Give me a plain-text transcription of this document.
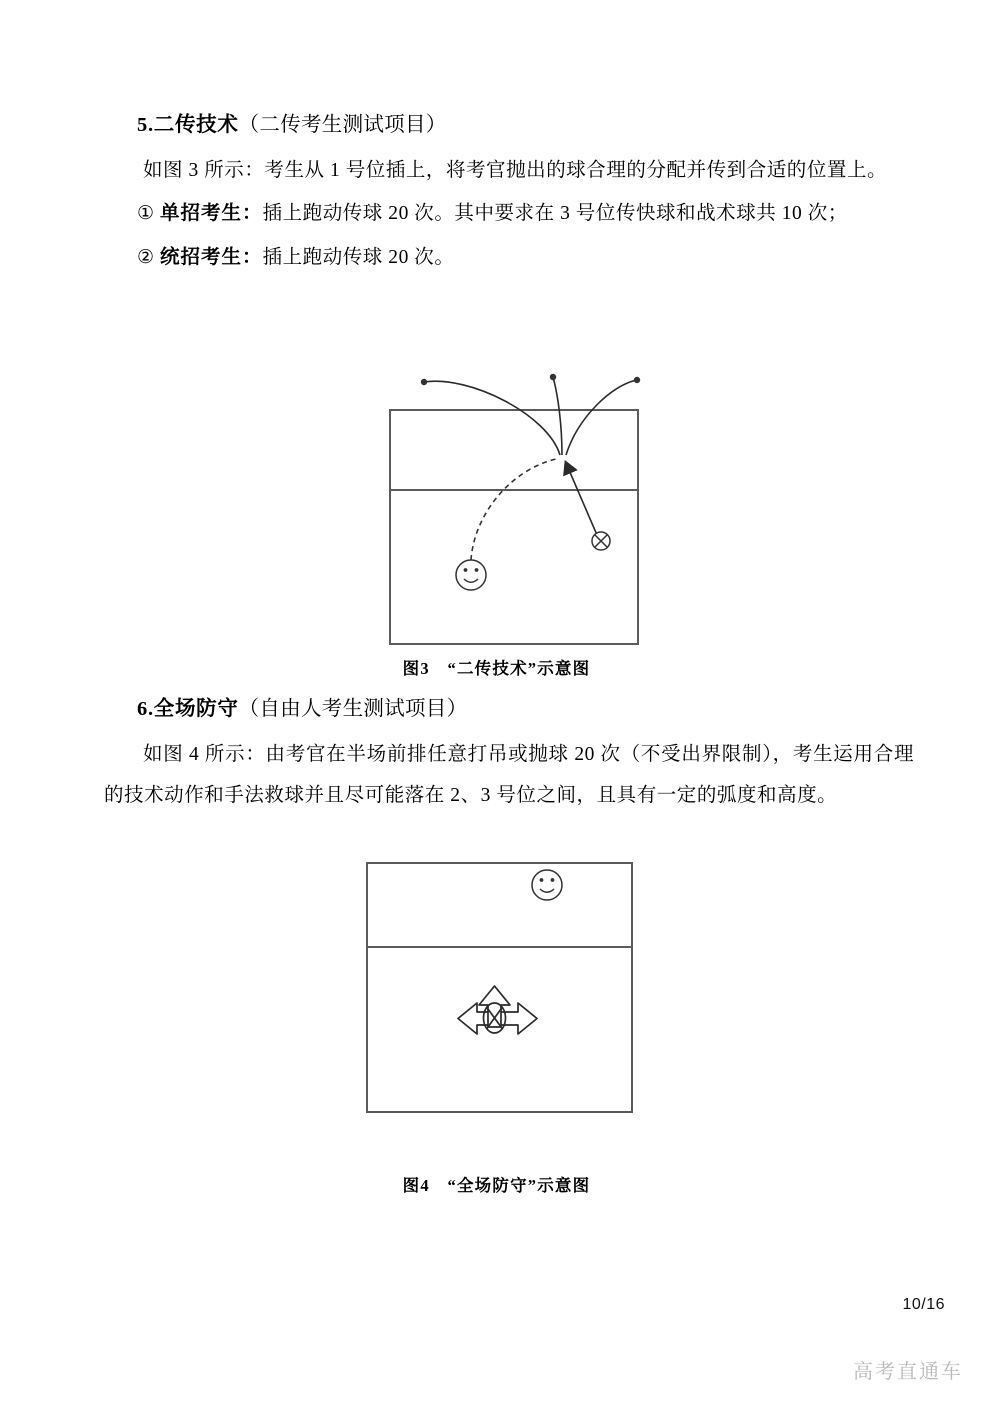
5.二传技术（二传考生测试项目）

如图 3 所示：考生从 1 号位插上，将考官抛出的球合理的分配并传到合适的位置上。

① 单招考生：插上跑动传球 20 次。其中要求在 3 号位传快球和战术球共 10 次；

② 统招考生：插上跑动传球 20 次。

图3　“二传技术”示意图

6.全场防守（自由人考生测试项目）

如图 4 所示：由考官在半场前排任意打吊或抛球 20 次（不受出界限制），考生运用合理的技术动作和手法救球并且尽可能落在 2、3 号位之间，且具有一定的弧度和高度。

图4　“全场防守”示意图
10/16
高考直通车
